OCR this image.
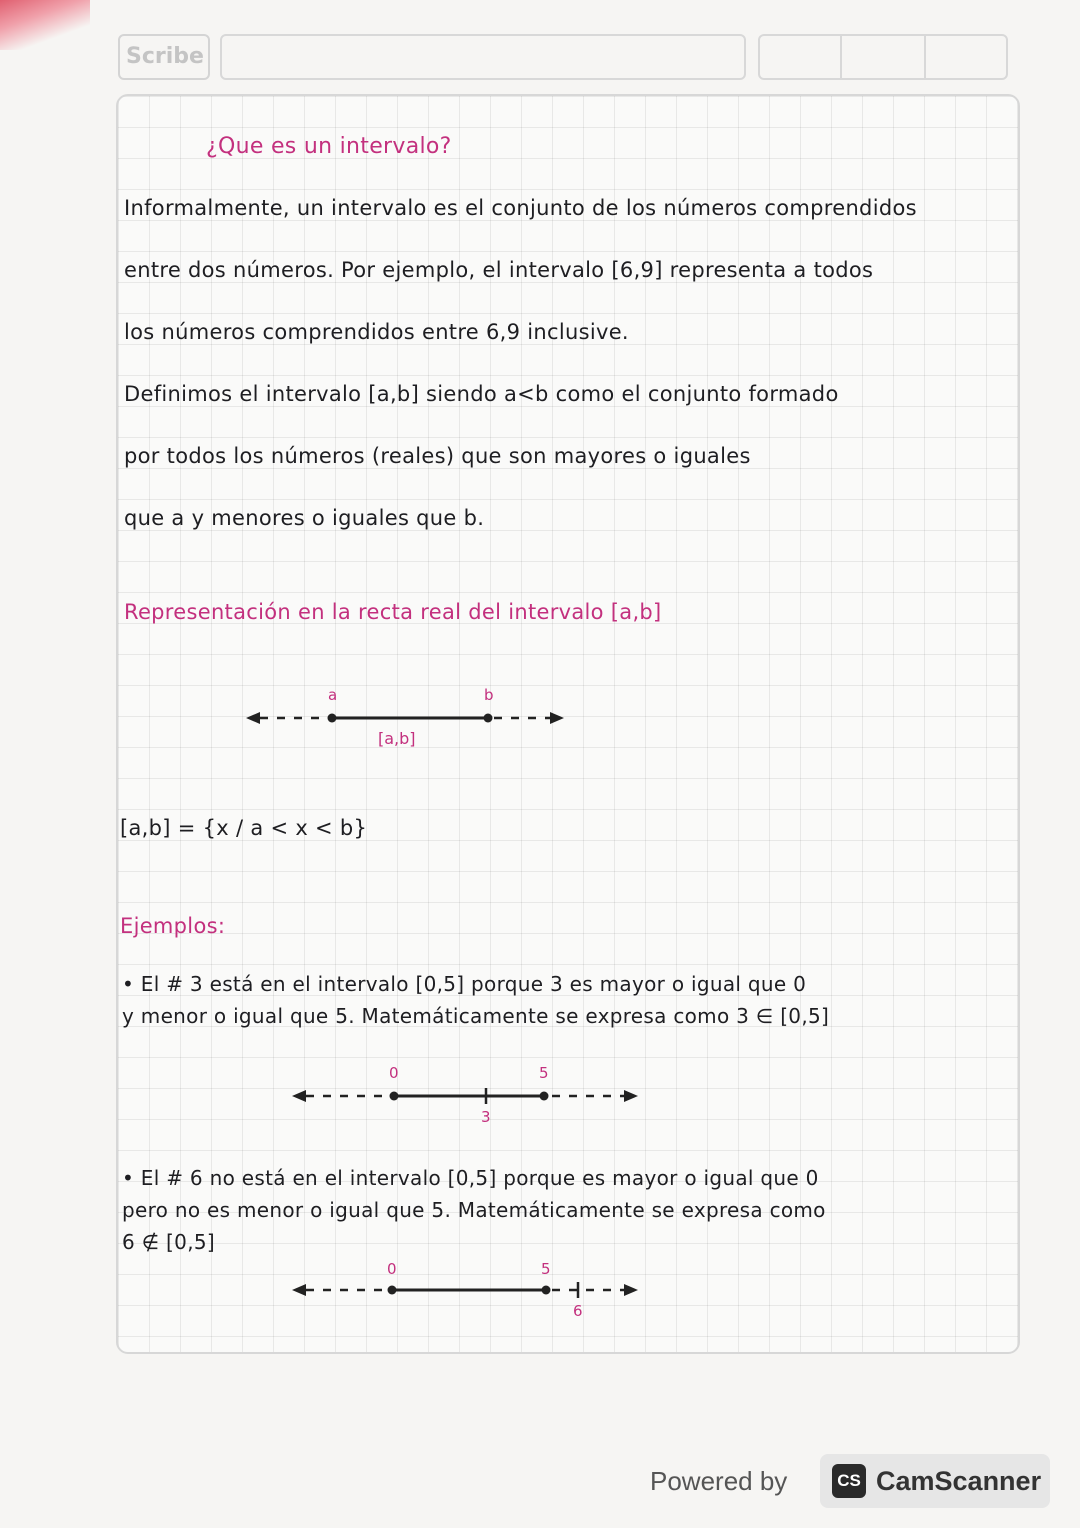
Scribe
¿Que es un intervalo?
Informalmente, un intervalo es el conjunto de los números comprendidos
entre dos números. Por ejemplo, el intervalo [6,9] representa a todos
los números comprendidos entre 6,9 inclusive.
Definimos el intervalo [a,b] siendo a<b como el conjunto formado
por todos los números (reales) que son mayores o iguales
que a y menores o iguales que b.
Representación en la recta real del intervalo [a,b]
a	b
[a,b]
[a,b] = {x / a < x < b}
Ejemplos:
• El # 3 está en el intervalo [0,5] porque 3 es mayor o igual que 0
y menor o igual que 5. Matemáticamente se expresa como 3 ∈ [0,5]
0	5
3
• El # 6 no está en el intervalo [0,5] porque es mayor o igual que 0
pero no es menor o igual que 5. Matemáticamente se expresa como
6 ∉ [0,5]
0	5
6
Powered by	CS CamScanner
